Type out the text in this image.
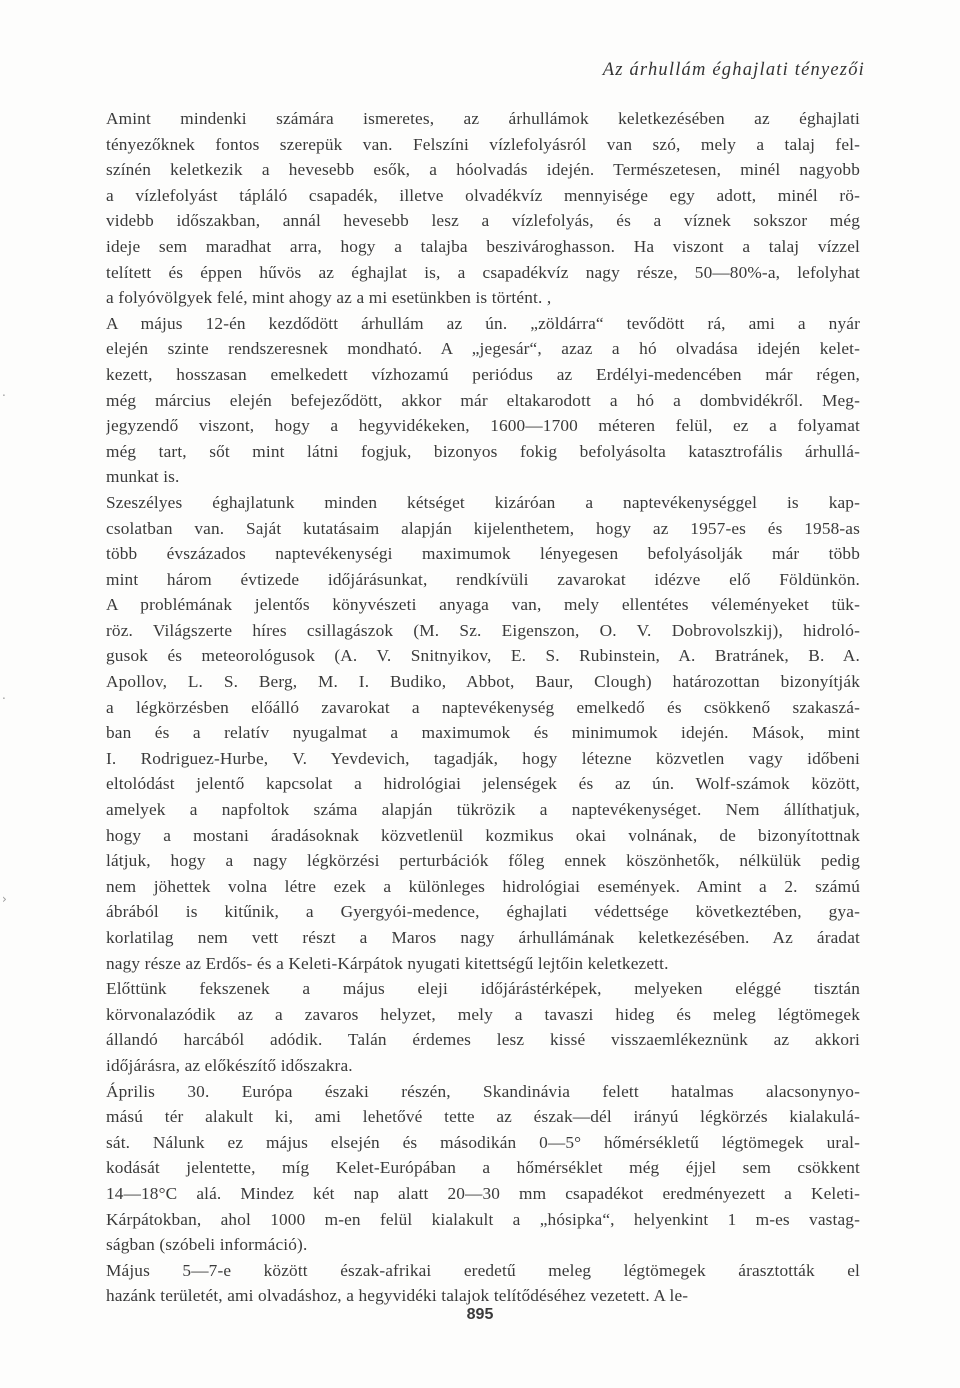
Az árhullám éghajlati tényezői

Amint mindenki számára ismeretes, az árhullámok keletkezésében az éghajlati
tényezőknek fontos szerepük van. Felszíni vízlefolyásról van szó, mely a talaj fel-
színén keletkezik a hevesebb esők, a hóolvadás idején. Természetesen, minél nagyobb
a vízlefolyást tápláló csapadék, illetve olvadékvíz mennyisége egy adott, minél rö-
videbb időszakban, annál hevesebb lesz a vízlefolyás, és a víznek sokszor még
ideje sem maradhat arra, hogy a talajba beszivároghasson. Ha viszont a talaj vízzel
telített és éppen hűvös az éghajlat is, a csapadékvíz nagy része, 50—80%-a, lefolyhat
a folyóvölgyek felé, mint ahogy az a mi esetünkben is történt. ,

A május 12-én kezdődött árhullám az ún. „zöldárra“ tevődött rá, ami a nyár
elején szinte rendszeresnek mondható. A „jegesár“, azaz a hó olvadása idején kelet-
kezett, hosszasan emelkedett vízhozamú periódus az Erdélyi-medencében már régen,
még március elején befejeződött, akkor már eltakarodott a hó a dombvidékről. Meg-
jegyzendő viszont, hogy a hegyvidékeken, 1600—1700 méteren felül, ez a folyamat
még tart, sőt mint látni fogjuk, bizonyos fokig befolyásolta katasztrofális árhullá-
munkat is.

Szeszélyes éghajlatunk minden kétséget kizáróan a naptevékenységgel is kap-
csolatban van. Saját kutatásaim alapján kijelenthetem, hogy az 1957-es és 1958-as
több évszázados naptevékenységi maximumok lényegesen befolyásolják már több
mint három évtizede időjárásunkat, rendkívüli zavarokat idézve elő Földünkön.
A problémának jelentős könyvészeti anyaga van, mely ellentétes véleményeket tük-
röz. Világszerte híres csillagászok (M. Sz. Eigenszon, O. V. Dobrovolszkij), hidroló-
gusok és meteorológusok (A. V. Snitnyikov, E. S. Rubinstein, A. Bratránek, B. A.
Apollov, L. S. Berg, M. I. Budiko, Abbot, Baur, Clough) határozottan bizonyítják
a légkörzésben előálló zavarokat a naptevékenység emelkedő és csökkenő szakaszá-
ban és a relatív nyugalmat a maximumok és minimumok idején. Mások, mint
I. Rodriguez-Hurbe, V. Yevdevich, tagadják, hogy létezne közvetlen vagy időbeni
eltolódást jelentő kapcsolat a hidrológiai jelenségek és az ún. Wolf-számok között,
amelyek a napfoltok száma alapján tükrözik a naptevékenységet. Nem állíthatjuk,
hogy a mostani áradásoknak közvetlenül kozmikus okai volnának, de bizonyítottnak
látjuk, hogy a nagy légkörzési perturbációk főleg ennek köszönhetők, nélkülük pedig
nem jöhettek volna létre ezek a különleges hidrológiai események. Amint a 2. számú
ábrából is kitűnik, a Gyergyói-medence, éghajlati védettsége következtében, gya-
korlatilag nem vett részt a Maros nagy árhullámának keletkezésében. Az áradat
nagy része az Erdős- és a Keleti-Kárpátok nyugati kitettségű lejtőin keletkezett.

Előttünk fekszenek a május eleji időjárástérképek, melyeken eléggé tisztán
körvonalazódik az a zavaros helyzet, mely a tavaszi hideg és meleg légtömegek
állandó harcából adódik. Talán érdemes lesz kissé visszaemlékeznünk az akkori
időjárásra, az előkészítő időszakra.

Április 30. Európa északi részén, Skandinávia felett hatalmas alacsonynyo-
mású tér alakult ki, ami lehetővé tette az észak—dél irányú légkörzés kialakulá-
sát. Nálunk ez május elsején és másodikán 0—5° hőmérsékletű légtömegek ural-
kodását jelentette, míg Kelet-Európában a hőmérséklet még éjjel sem csökkent
14—18°C alá. Mindez két nap alatt 20—30 mm csapadékot eredményezett a Keleti-
Kárpátokban, ahol 1000 m-en felül kialakult a „hósipka“, helyenkint 1 m-es vastag-
ságban (szóbeli információ).

Május 5—7-e között észak-afrikai eredetű meleg légtömegek árasztották el
hazánk területét, ami olvadáshoz, a hegyvidéki talajok telítődéséhez vezetett. A le-

895
.
.
›
